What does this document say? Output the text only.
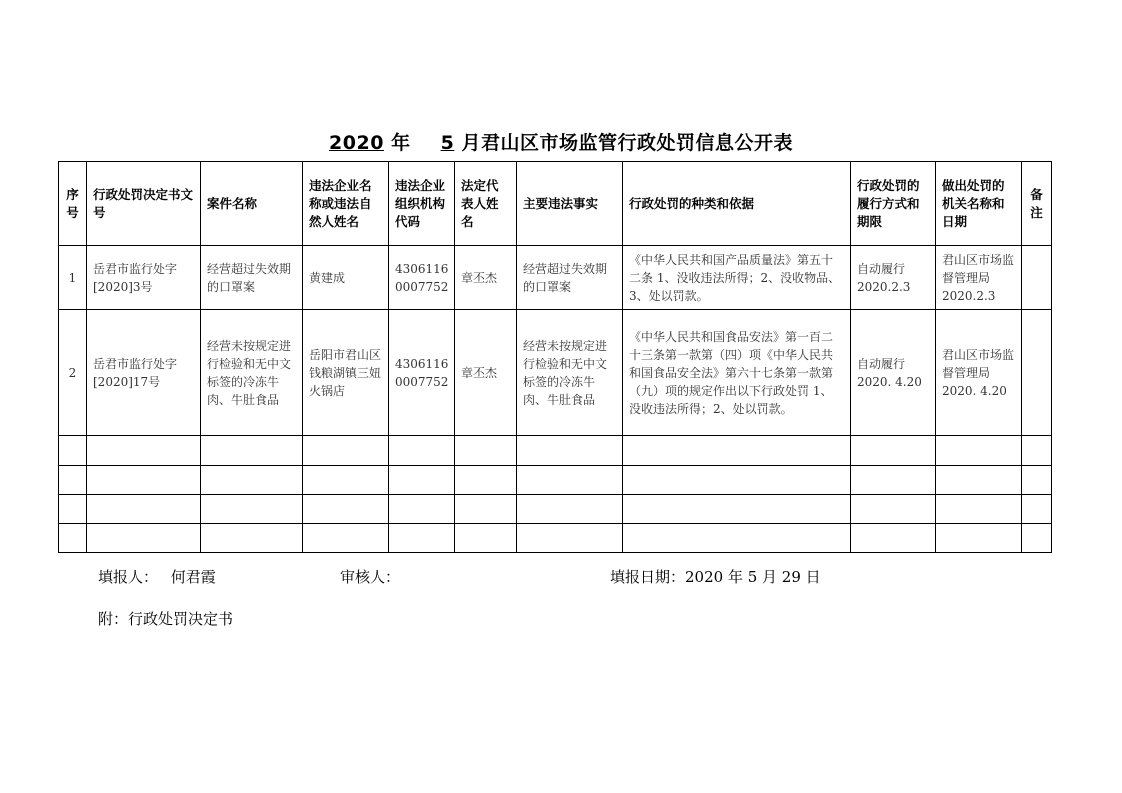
2020 年 5 月君山区市场监管行政处罚信息公开表
序号	行政处罚决定书文号	案件名称	违法企业名称或违法自然人姓名	违法企业组织机构代码	法定代表人姓名	主要违法事实	行政处罚的种类和依据	行政处罚的履行方式和期限	做出处罚的机关名称和日期	备注
1	岳君市监行处字[2020]3号	经营超过失效期的口罩案	黄建成	4306116 0007752	章丕杰	经营超过失效期的口罩案	《中华人民共和国产品质量法》第五十二条 1、没收违法所得；2、没收物品、3、处以罚款。	自动履行 2020.2.3	君山区市场监督管理局 2020.2.3	
2	岳君市监行处字[2020]17号	经营未按规定进行检验和无中文标签的冷冻牛肉、牛肚食品	岳阳市君山区钱粮湖镇三妞火锅店	4306116 0007752	章丕杰	经营未按规定进行检验和无中文标签的冷冻牛肉、牛肚食品	《中华人民共和国食品安法》第一百二十三条第一款第（四）项《中华人民共和国食品安全法》第六十七条第一款第（九）项的规定作出以下行政处罚 1、没收违法所得；2、处以罚款。	自动履行 2020. 4.20	君山区市场监督管理局 2020. 4.20	

填报人： 何君霞	审核人：	填报日期：2020 年 5 月 29 日
附：行政处罚决定书
